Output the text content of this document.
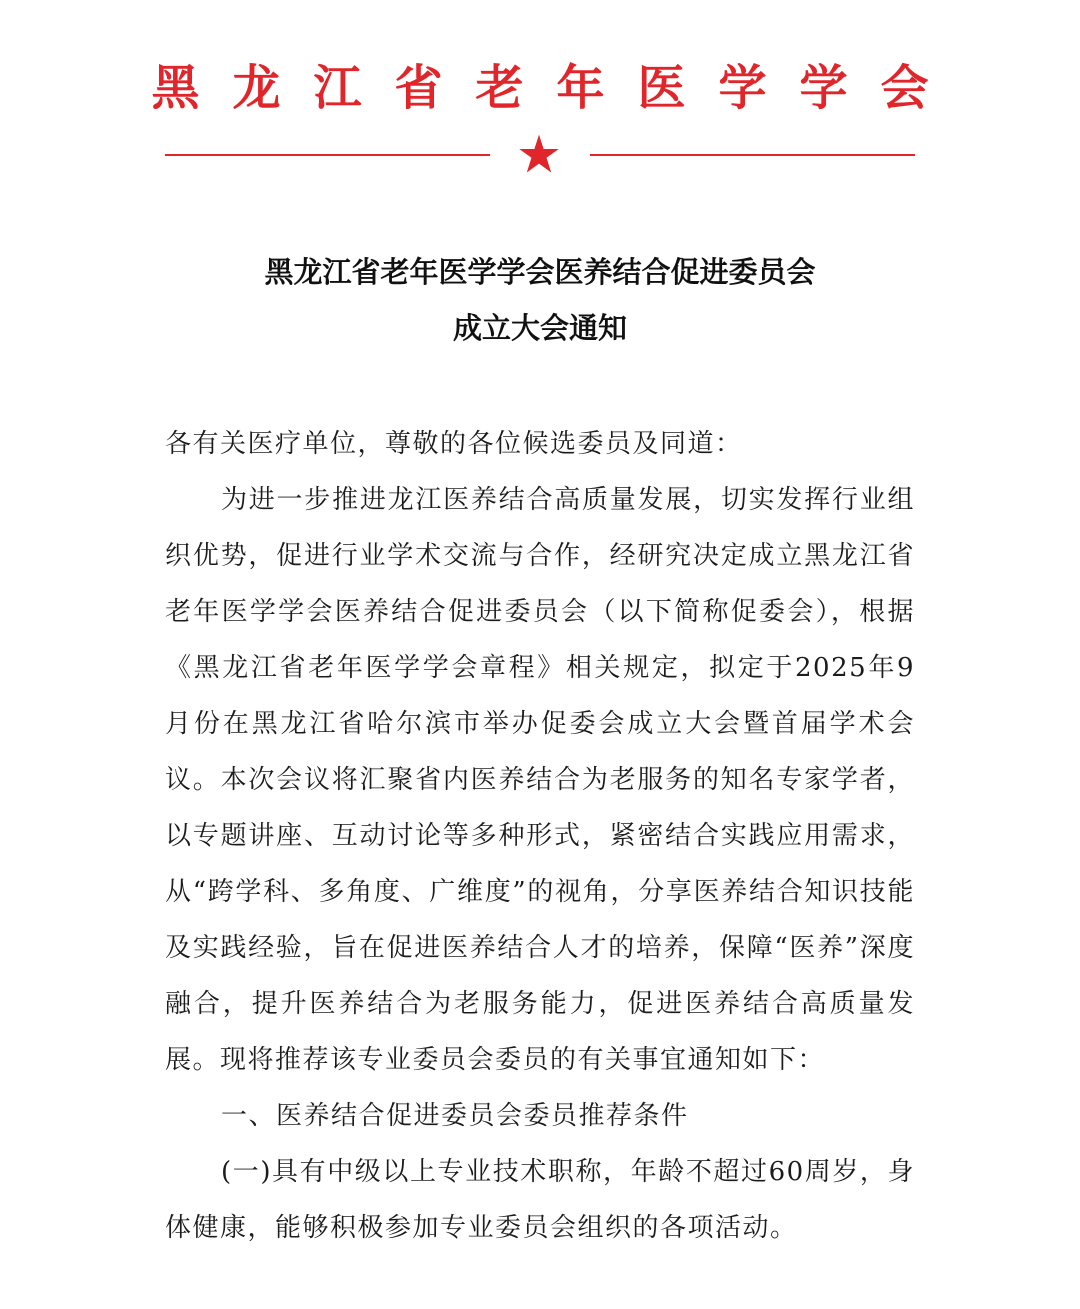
黑龙江省老年医学学会
黑龙江省老年医学学会医养结合促进委员会
成立大会通知

各有关医疗单位，尊敬的各位候选委员及同道：

为进一步推进龙江医养结合高质量发展，切实发挥行业组织优势，促进行业学术交流与合作，经研究决定成立黑龙江省老年医学学会医养结合促进委员会（以下简称促委会），根据《黑龙江省老年医学学会章程》相关规定，拟定于2025年9月份在黑龙江省哈尔滨市举办促委会成立大会暨首届学术会议。本次会议将汇聚省内医养结合为老服务的知名专家学者，以专题讲座、互动讨论等多种形式，紧密结合实践应用需求，从“跨学科、多角度、广维度”的视角，分享医养结合知识技能及实践经验，旨在促进医养结合人才的培养，保障“医养”深度融合，提升医养结合为老服务能力，促进医养结合高质量发展。现将推荐该专业委员会委员的有关事宜通知如下：

一、医养结合促进委员会委员推荐条件

(一)具有中级以上专业技术职称，年龄不超过60周岁，身体健康，能够积极参加专业委员会组织的各项活动。
